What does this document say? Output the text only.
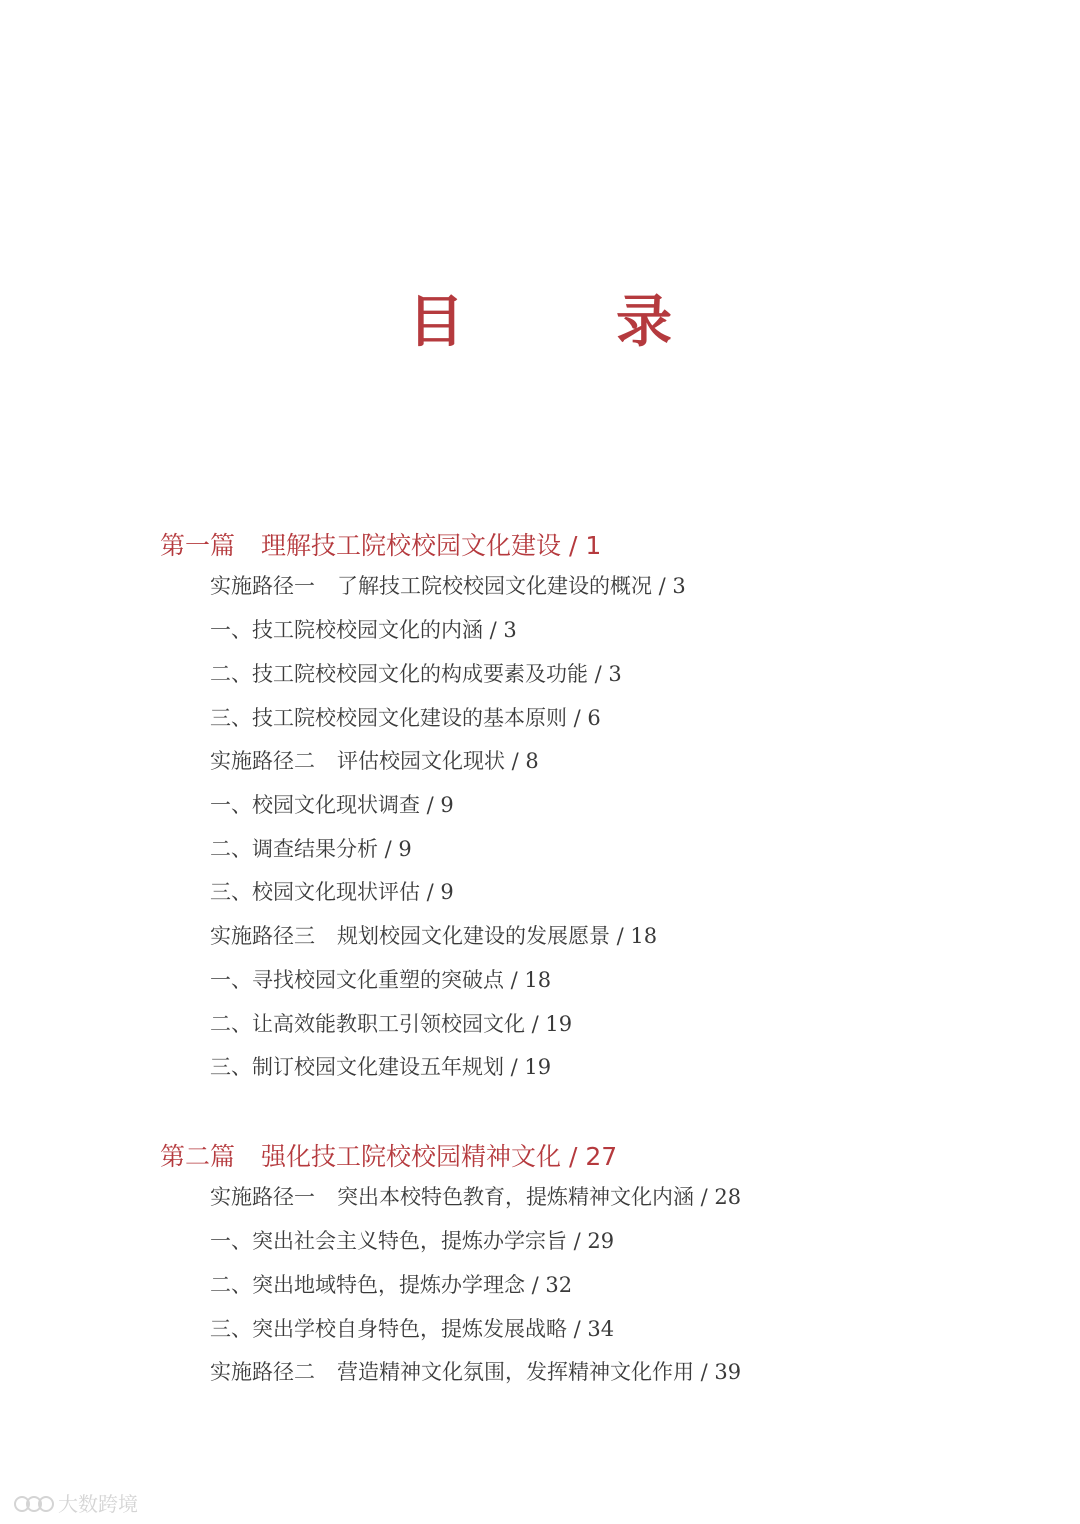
目　录
第一篇 理解技工院校校园文化建设 / 1
实施路径一 了解技工院校校园文化建设的概况 / 3
一、技工院校校园文化的内涵 / 3
二、技工院校校园文化的构成要素及功能 / 3
三、技工院校校园文化建设的基本原则 / 6
实施路径二 评估校园文化现状 / 8
一、校园文化现状调查 / 9
二、调查结果分析 / 9
三、校园文化现状评估 / 9
实施路径三 规划校园文化建设的发展愿景 / 18
一、寻找校园文化重塑的突破点 / 18
二、让高效能教职工引领校园文化 / 19
三、制订校园文化建设五年规划 / 19
第二篇 强化技工院校校园精神文化 / 27
实施路径一 突出本校特色教育，提炼精神文化内涵 / 28
一、突出社会主义特色，提炼办学宗旨 / 29
二、突出地域特色，提炼办学理念 / 32
三、突出学校自身特色，提炼发展战略 / 34
实施路径二 营造精神文化氛围，发挥精神文化作用 / 39
大数跨境
